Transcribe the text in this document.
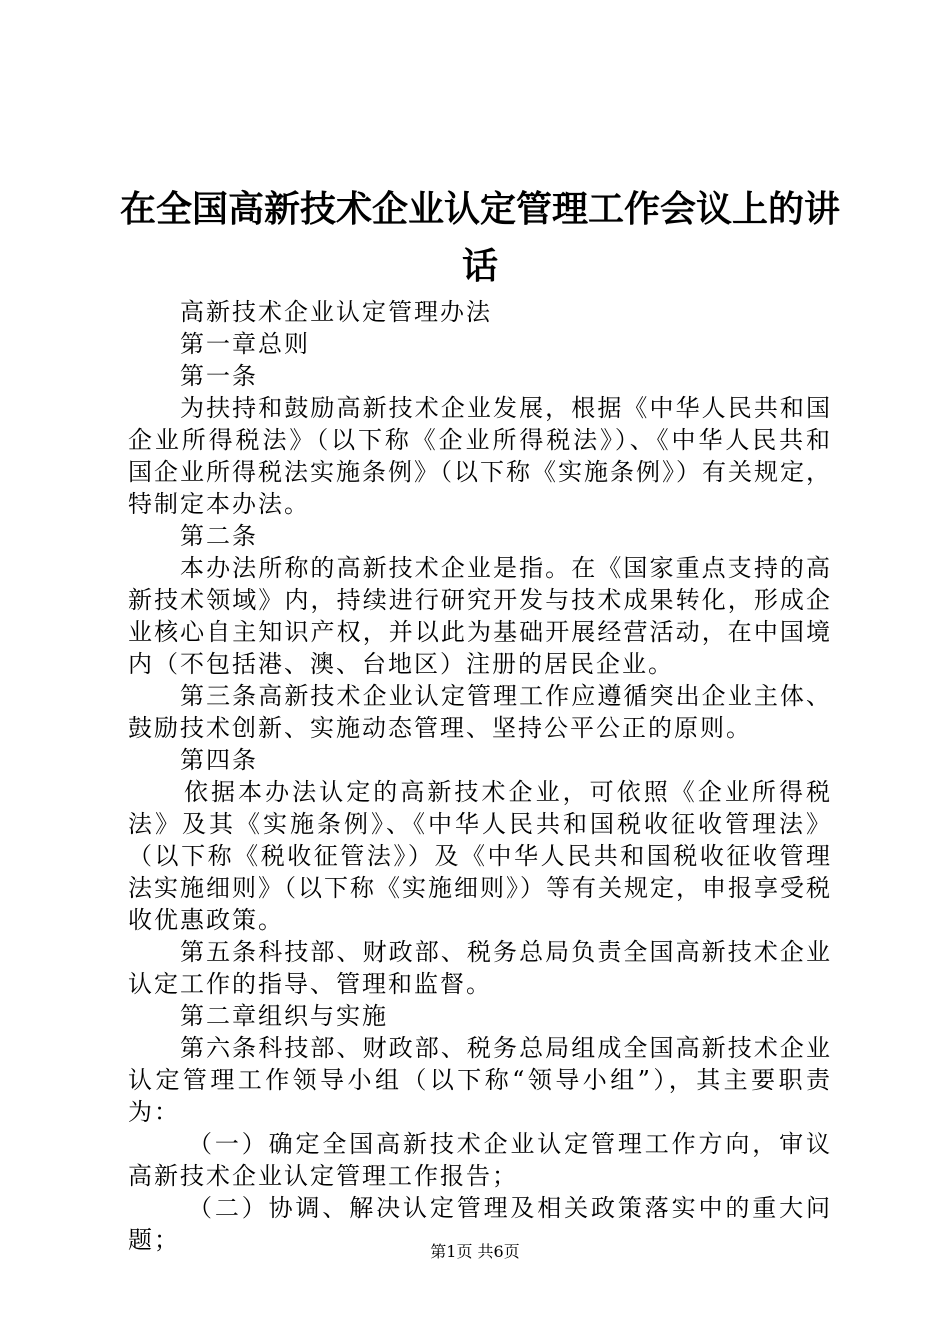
在全国高新技术企业认定管理工作会议上的讲
话

高新技术企业认定管理办法

第一章总则

第一条

为扶持和鼓励高新技术企业发展，根据《中华人民共和国企业所得税法》（以下称《企业所得税法》）、《中华人民共和国企业所得税法实施条例》（以下称《实施条例》）有关规定，特制定本办法。

第二条

本办法所称的高新技术企业是指。在《国家重点支持的高新技术领域》内，持续进行研究开发与技术成果转化，形成企业核心自主知识产权，并以此为基础开展经营活动，在中国境内（不包括港、澳、台地区）注册的居民企业。

第三条高新技术企业认定管理工作应遵循突出企业主体、鼓励技术创新、实施动态管理、坚持公平公正的原则。

第四条

依据本办法认定的高新技术企业，可依照《企业所得税法》及其《实施条例》、《中华人民共和国税收征收管理法》（以下称《税收征管法》）及《中华人民共和国税收征收管理法实施细则》（以下称《实施细则》）等有关规定，申报享受税收优惠政策。

第五条科技部、财政部、税务总局负责全国高新技术企业认定工作的指导、管理和监督。

第二章组织与实施

第六条科技部、财政部、税务总局组成全国高新技术企业认定管理工作领导小组（以下称“领导小组”），其主要职责为：

（一）确定全国高新技术企业认定管理工作方向，审议高新技术企业认定管理工作报告；

（二）协调、解决认定管理及相关政策落实中的重大问题；	第1页 共6页
